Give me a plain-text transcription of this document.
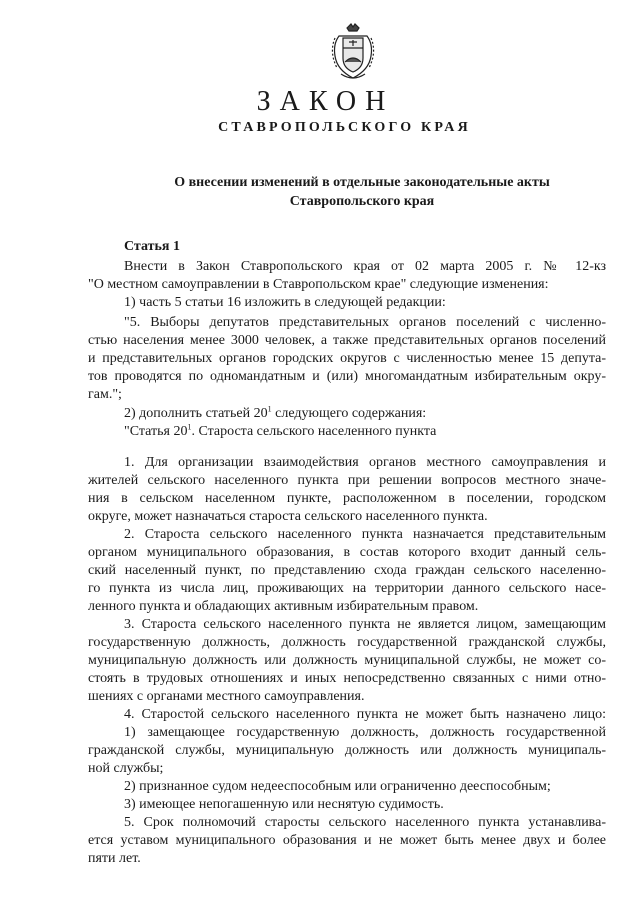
ЗАКОН
СТАВРОПОЛЬСКОГО КРАЯ
О внесении изменений в отдельные законодательные акты
Ставропольского края
Статья 1
Внести в Закон Ставропольского края от 02 марта 2005 г. № 12-кз
"О местном самоуправлении в Ставропольском крае" следующие изменения:
1) часть 5 статьи 16 изложить в следующей редакции:
"5. Выборы депутатов представительных органов поселений с численно-
стью населения менее 3000 человек, а также представительных органов поселений
и представительных органов городских округов с численностью менее 15 депута-
тов проводятся по одномандатным и (или) многомандатным избирательным окру-
гам.";
2) дополнить статьей $20^1$ следующего содержания:
"Статья $20^1$. Староста сельского населенного пункта
1. Для организации взаимодействия органов местного самоуправления и
жителей сельского населенного пункта при решении вопросов местного значе-
ния в сельском населенном пункте, расположенном в поселении, городском
округе, может назначаться староста сельского населенного пункта.
2. Староста сельского населенного пункта назначается представительным
органом муниципального образования, в состав которого входит данный сель-
ский населенный пункт, по представлению схода граждан сельского населенно-
го пункта из числа лиц, проживающих на территории данного сельского насе-
ленного пункта и обладающих активным избирательным правом.
3. Староста сельского населенного пункта не является лицом, замещающим
государственную должность, должность государственной гражданской службы,
муниципальную должность или должность муниципальной службы, не может со-
стоять в трудовых отношениях и иных непосредственно связанных с ними отно-
шениях с органами местного самоуправления.
4. Старостой сельского населенного пункта не может быть назначено лицо:
1) замещающее государственную должность, должность государственной
гражданской службы, муниципальную должность или должность муниципаль-
ной службы;
2) признанное судом недееспособным или ограниченно дееспособным;
3) имеющее непогашенную или неснятую судимость.
5. Срок полномочий старосты сельского населенного пункта устанавлива-
ется уставом муниципального образования и не может быть менее двух и более
пяти лет.
